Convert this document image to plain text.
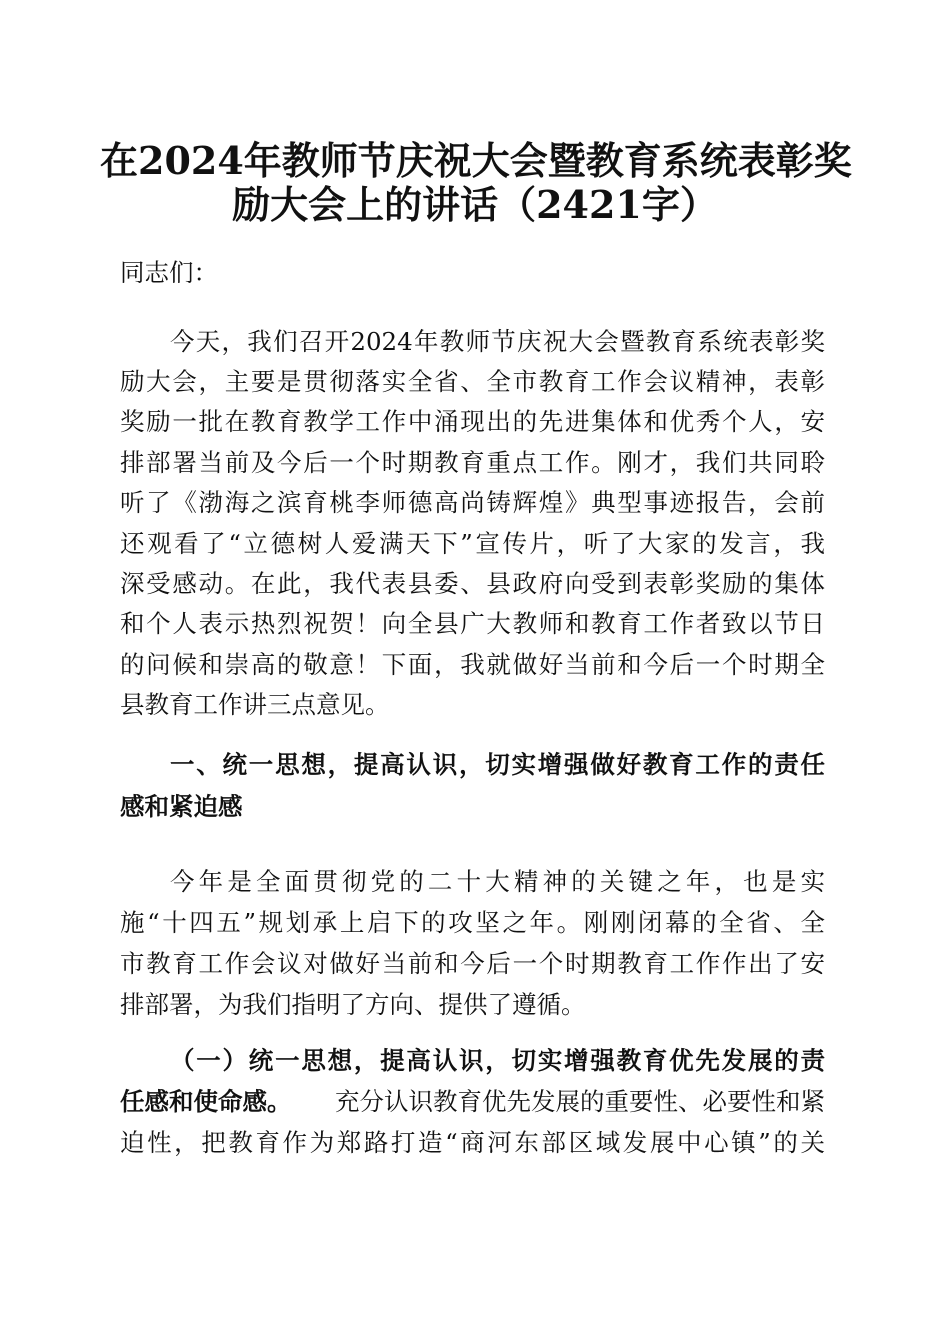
在2024年教师节庆祝大会暨教育系统表彰奖
励大会上的讲话（2421字）
同志们：
今天，我们召开2024年教师节庆祝大会暨教育系统表彰奖
励大会，主要是贯彻落实全省、全市教育工作会议精神，表彰
奖励一批在教育教学工作中涌现出的先进集体和优秀个人，安
排部署当前及今后一个时期教育重点工作。刚才，我们共同聆
听了《渤海之滨育桃李师德高尚铸辉煌》典型事迹报告，会前
还观看了“立德树人爱满天下”宣传片，听了大家的发言，我
深受感动。在此，我代表县委、县政府向受到表彰奖励的集体
和个人表示热烈祝贺！向全县广大教师和教育工作者致以节日
的问候和崇高的敬意！下面，我就做好当前和今后一个时期全
县教育工作讲三点意见。
一、统一思想，提高认识，切实增强做好教育工作的责任
感和紧迫感
今年是全面贯彻党的二十大精神的关键之年，也是实
施“十四五”规划承上启下的攻坚之年。刚刚闭幕的全省、全
市教育工作会议对做好当前和今后一个时期教育工作作出了安
排部署，为我们指明了方向、提供了遵循。
（一）统一思想，提高认识，切实增强教育优先发展的责
任感和使命感。 充分认识教育优先发展的重要性、必要性和紧
迫性，把教育作为郑路打造“商河东部区域发展中心镇”的关
